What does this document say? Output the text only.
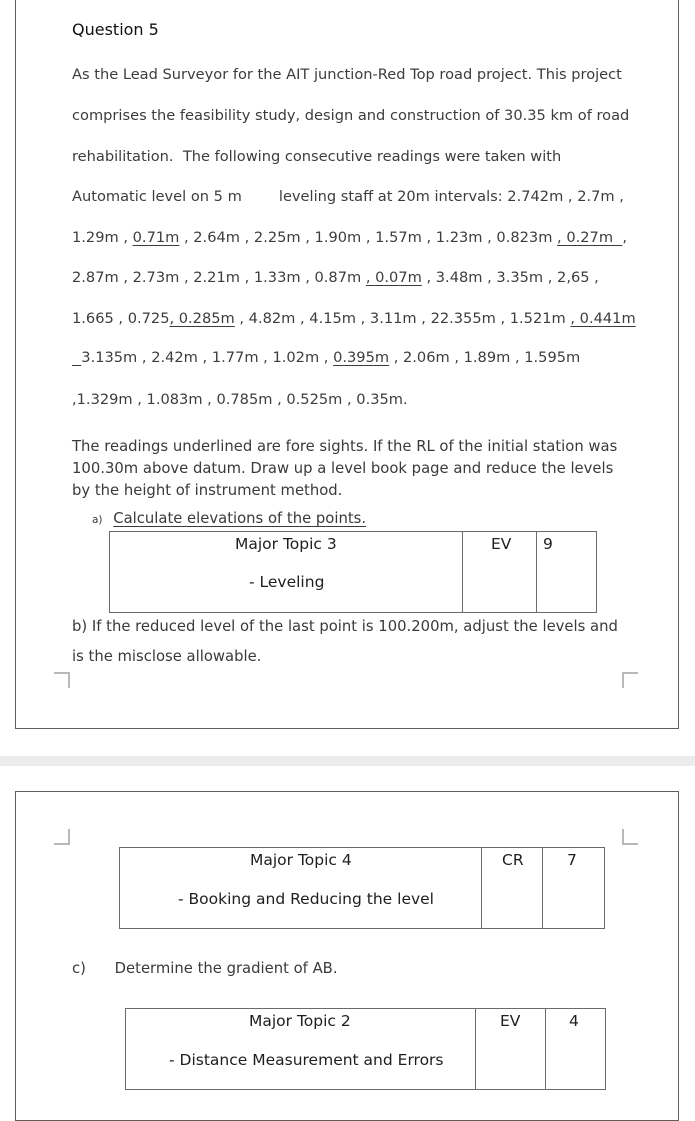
Question 5
As the Lead Surveyor for the AIT junction-Red Top road project. This project
comprises the feasibility study, design and construction of 30.35 km of road
rehabilitation.  The following consecutive readings were taken with
Automatic level on 5 m        leveling staff at 20m intervals: 2.742m , 2.7m ,
1.29m , 0.71m , 2.64m , 2.25m , 1.90m , 1.57m , 1.23m , 0.823m , 0.27m  ,
2.87m , 2.73m , 2.21m , 1.33m , 0.87m , 0.07m , 3.48m , 3.35m , 2,65 ,
1.665 , 0.725, 0.285m , 4.82m , 4.15m , 3.11m , 22.355m , 1.521m , 0.441m
3.135m , 2.42m , 1.77m , 1.02m , 0.395m , 2.06m , 1.89m , 1.595m
,1.329m , 1.083m , 0.785m , 0.525m , 0.35m.
The readings underlined are fore sights. If the RL of the initial station was 100.30m above datum. Draw up a level book page and reduce the levels by the height of instrument method.
a) Calculate elevations of the points.
Major Topic 3
- Leveling
EV 9
b) If the reduced level of the last point is 100.200m, adjust the levels and is the misclose allowable.
Major Topic 4
- Booking and Reducing the level
CR	7
c) Determine the gradient of AB.
Major Topic 2
- Distance Measurement and Errors
EV	4
